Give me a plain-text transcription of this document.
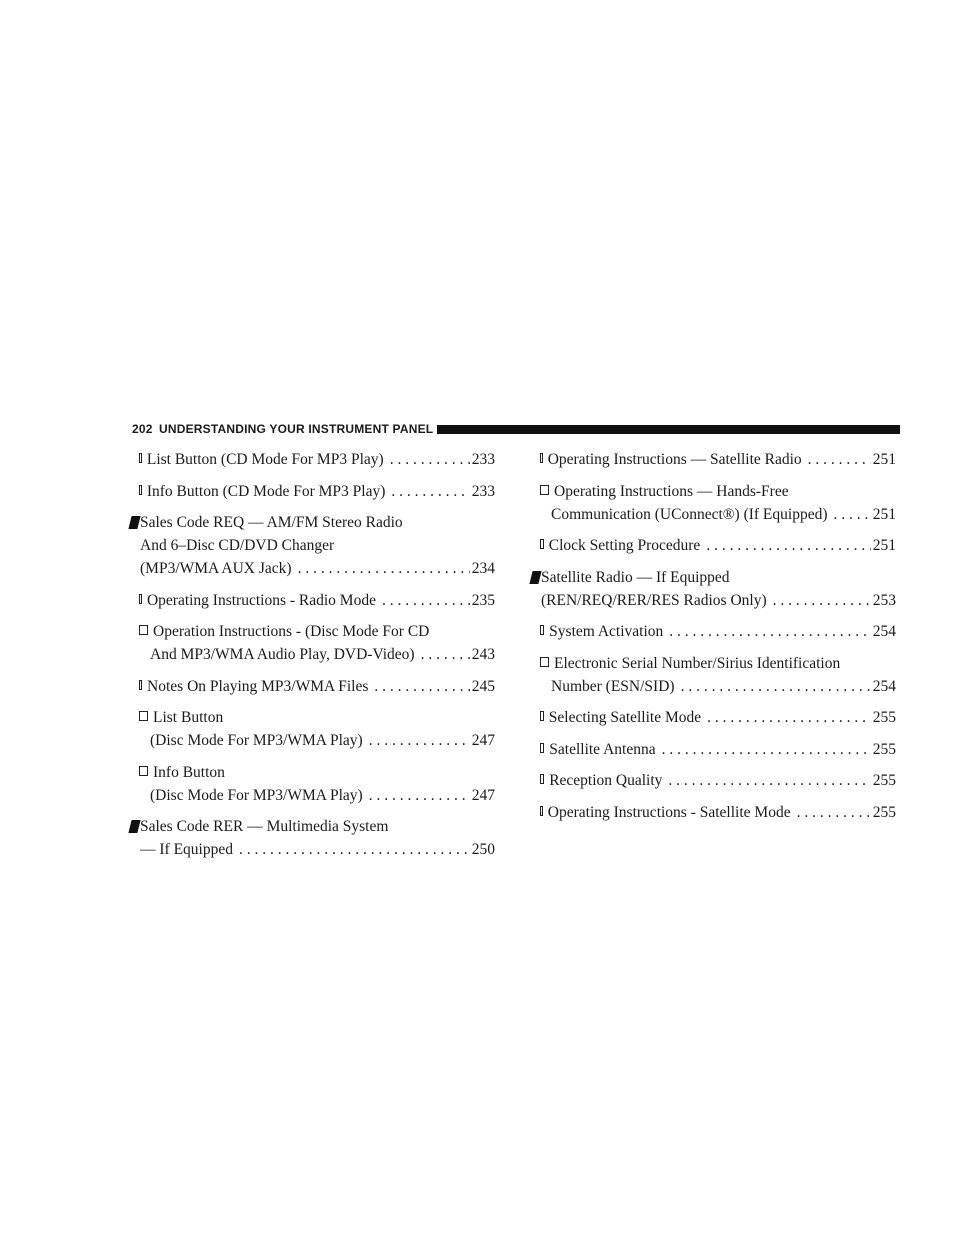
202 UNDERSTANDING YOUR INSTRUMENT PANEL
List Button (CD Mode For MP3 Play) . . .	233
Info Button (CD Mode For MP3 Play) . . .	233
Sales Code REQ — AM/FM Stereo Radio
And 6–Disc CD/DVD Changer
(MP3/WMA AUX Jack) . . .	234
Operating Instructions - Radio Mode . . .	235
Operation Instructions - (Disc Mode For CD
And MP3/WMA Audio Play, DVD-Video) . . .	243
Notes On Playing MP3/WMA Files . . .	245
List Button
(Disc Mode For MP3/WMA Play) . . .	247
Info Button
(Disc Mode For MP3/WMA Play) . . .	247
Sales Code RER — Multimedia System
— If Equipped . . .	250
Operating Instructions — Satellite Radio . . .	251
Operating Instructions — Hands-Free
Communication (UConnect®) (If Equipped) . . .	251
Clock Setting Procedure . . .	251
Satellite Radio — If Equipped
(REN/REQ/RER/RES Radios Only) . . .	253
System Activation . . .	254
Electronic Serial Number/Sirius Identification
Number (ESN/SID) . . .	254
Selecting Satellite Mode . . .	255
Satellite Antenna . . .	255
Reception Quality . . .	255
Operating Instructions - Satellite Mode . . .	255
